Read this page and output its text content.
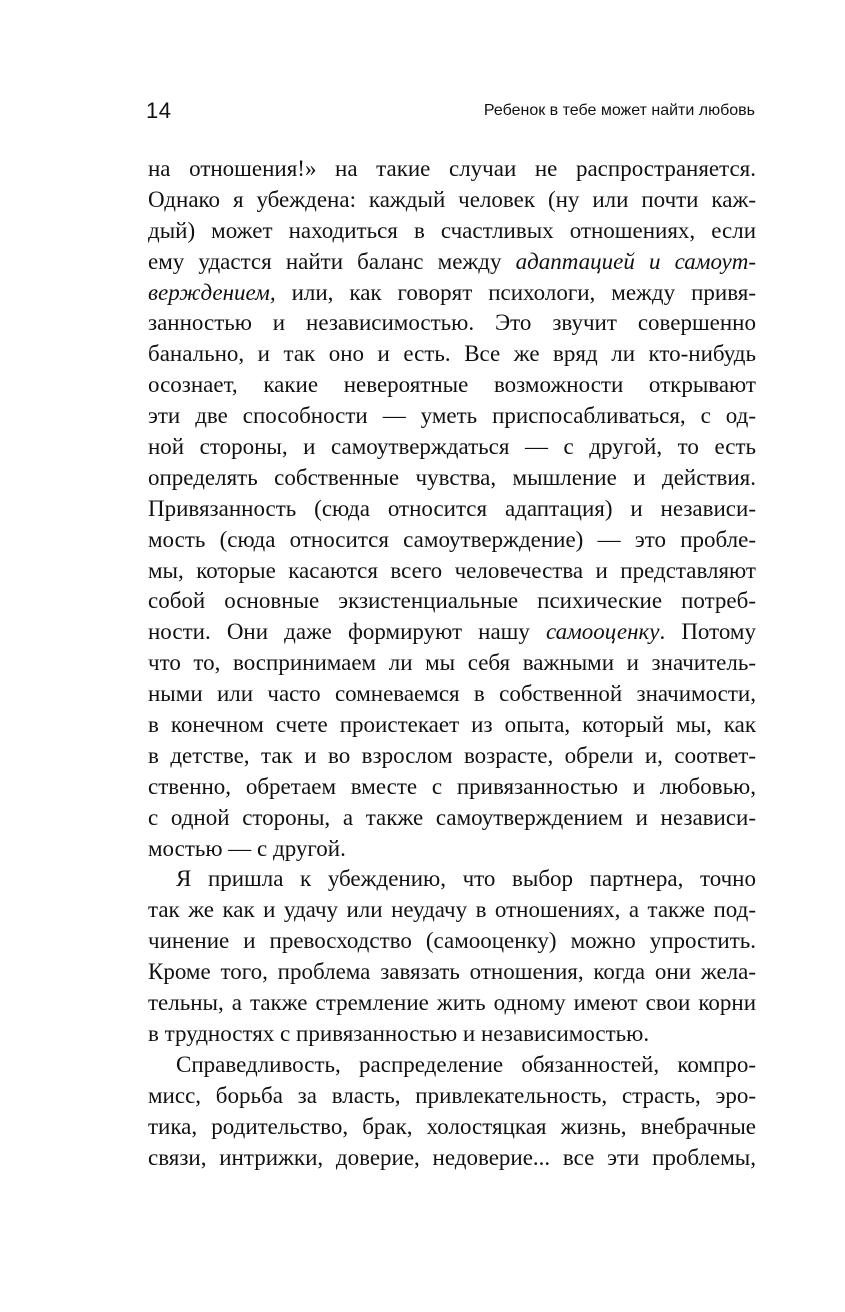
14	Ребенок в тебе может найти любовь
на отношения!» на такие случаи не распространяется.
Однако я убеждена: каждый человек (ну или почти каж-
дый) может находиться в счастливых отношениях, если
ему удастся найти баланс между адаптацией и самоут-
верждением, или, как говорят психологи, между привя-
занностью и независимостью. Это звучит совершенно
банально, и так оно и есть. Все же вряд ли кто-нибудь
осознает, какие невероятные возможности открывают
эти две способности — уметь приспосабливаться, с од-
ной стороны, и самоутверждаться — с другой, то есть
определять собственные чувства, мышление и действия.
Привязанность (сюда относится адаптация) и независи-
мость (сюда относится самоутверждение) — это пробле-
мы, которые касаются всего человечества и представляют
собой основные экзистенциальные психические потреб-
ности. Они даже формируют нашу самооценку. Потому
что то, воспринимаем ли мы себя важными и значитель-
ными или часто сомневаемся в собственной значимости,
в конечном счете проистекает из опыта, который мы, как
в детстве, так и во взрослом возрасте, обрели и, соответ-
ственно, обретаем вместе с привязанностью и любовью,
с одной стороны, а также самоутверждением и независи-
мостью — с другой.
Я пришла к убеждению, что выбор партнера, точно
так же как и удачу или неудачу в отношениях, а также под-
чинение и превосходство (самооценку) можно упростить.
Кроме того, проблема завязать отношения, когда они жела-
тельны, а также стремление жить одному имеют свои корни
в трудностях с привязанностью и независимостью.
Справедливость, распределение обязанностей, компро-
мисс, борьба за власть, привлекательность, страсть, эро-
тика, родительство, брак, холостяцкая жизнь, внебрачные
связи, интрижки, доверие, недоверие... все эти проблемы,
